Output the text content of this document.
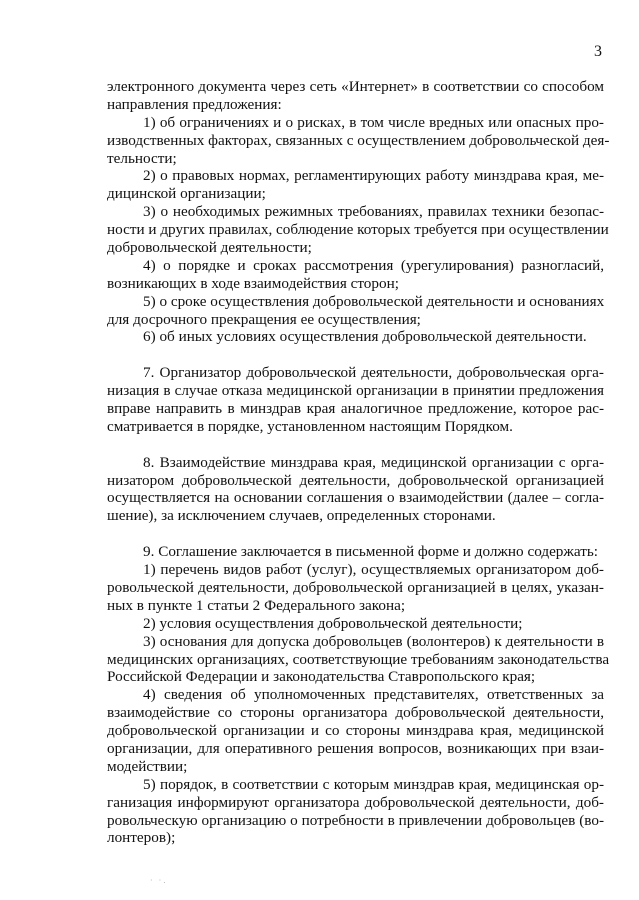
3
электронного документа через сеть «Интернет» в соответствии со способом
направления предложения:
1) об ограничениях и о рисках, в том числе вредных или опасных про-
изводственных факторах, связанных с осуществлением добровольческой дея-
тельности;
2) о правовых нормах, регламентирующих работу минздрава края, ме-
дицинской организации;
3) о необходимых режимных требованиях, правилах техники безопас-
ности и других правилах, соблюдение которых требуется при осуществлении
добровольческой деятельности;
4) о порядке и сроках рассмотрения (урегулирования) разногласий,
возникающих в ходе взаимодействия сторон;
5) о сроке осуществления добровольческой деятельности и основаниях
для досрочного прекращения ее осуществления;
6) об иных условиях осуществления добровольческой деятельности.
7. Организатор добровольческой деятельности, добровольческая орга-
низация в случае отказа медицинской организации в принятии предложения
вправе направить в минздрав края аналогичное предложение, которое рас-
сматривается в порядке, установленном настоящим Порядком.
8. Взаимодействие минздрава края, медицинской организации с орга-
низатором добровольческой деятельности, добровольческой организацией
осуществляется на основании соглашения о взаимодействии (далее – согла-
шение), за исключением случаев, определенных сторонами.
9. Соглашение заключается в письменной форме и должно содержать:
1) перечень видов работ (услуг), осуществляемых организатором доб-
ровольческой деятельности, добровольческой организацией в целях, указан-
ных в пункте 1 статьи 2 Федерального закона;
2) условия осуществления добровольческой деятельности;
3) основания для допуска добровольцев (волонтеров) к деятельности в
медицинских организациях, соответствующие требованиям законодательства
Российской Федерации и законодательства Ставропольского края;
4) сведения об уполномоченных представителях, ответственных за
взаимодействие со стороны организатора добровольческой деятельности,
добровольческой организации и со стороны минздрава края, медицинской
организации, для оперативного решения вопросов, возникающих при взаи-
модействии;
5) порядок, в соответствии с которым минздрав края, медицинская ор-
ганизация информируют организатора добровольческой деятельности, доб-
ровольческую организацию о потребности в привлечении добровольцев (во-
лонтеров);
· ·.
